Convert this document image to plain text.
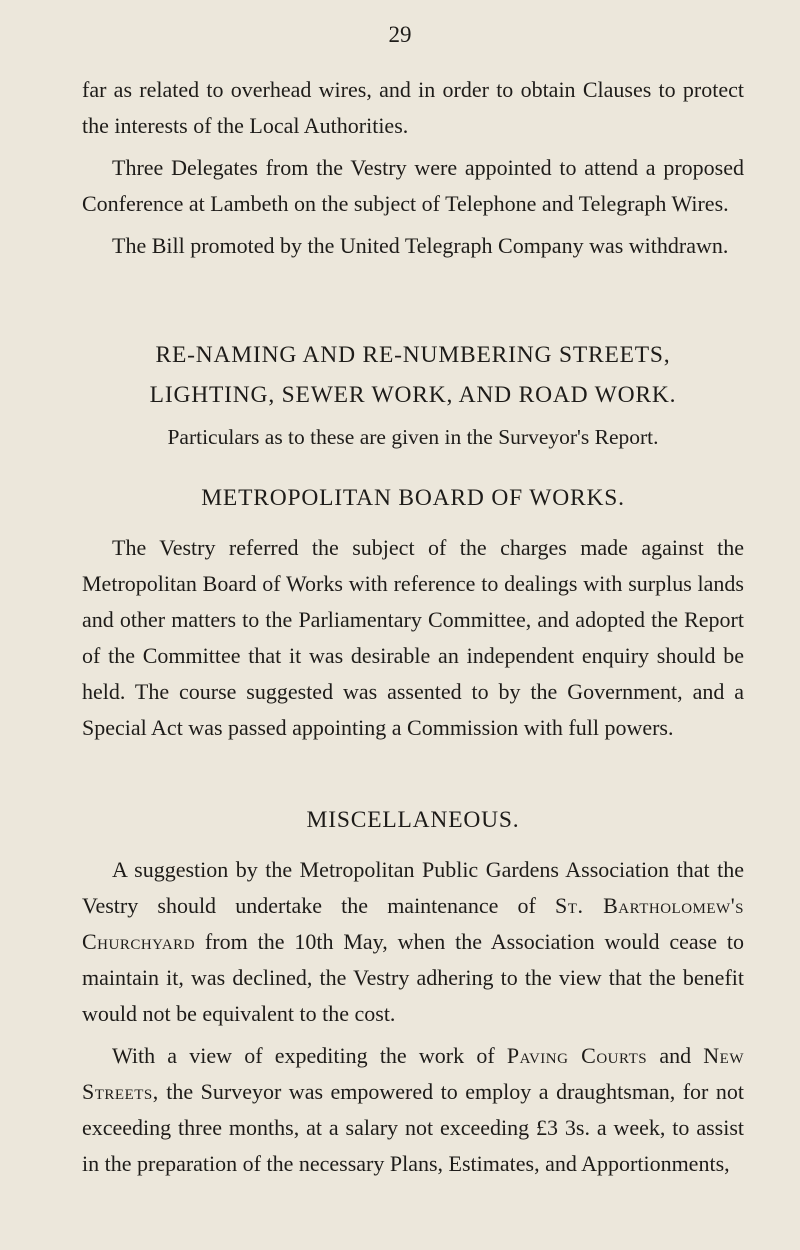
29

far as related to overhead wires, and in order to obtain Clauses to protect the interests of the Local Authorities.

Three Delegates from the Vestry were appointed to attend a proposed Conference at Lambeth on the subject of Telephone and Telegraph Wires.

The Bill promoted by the United Telegraph Company was withdrawn.

RE-NAMING AND RE-NUMBERING STREETS,

LIGHTING, SEWER WORK, AND ROAD WORK.

Particulars as to these are given in the Surveyor's Report.

METROPOLITAN BOARD OF WORKS.

The Vestry referred the subject of the charges made against the Metropolitan Board of Works with reference to dealings with surplus lands and other matters to the Parliamentary Committee, and adopted the Report of the Committee that it was desirable an independent enquiry should be held. The course suggested was assented to by the Government, and a Special Act was passed appointing a Commission with full powers.

MISCELLANEOUS.

A suggestion by the Metropolitan Public Gardens Association that the Vestry should undertake the maintenance of St. Bartholomew's Churchyard from the 10th May, when the Association would cease to maintain it, was declined, the Vestry adhering to the view that the benefit would not be equivalent to the cost.

With a view of expediting the work of Paving Courts and New Streets, the Surveyor was empowered to employ a draughtsman, for not exceeding three months, at a salary not exceeding £3 3s. a week, to assist in the preparation of the necessary Plans, Estimates, and Apportionments,
